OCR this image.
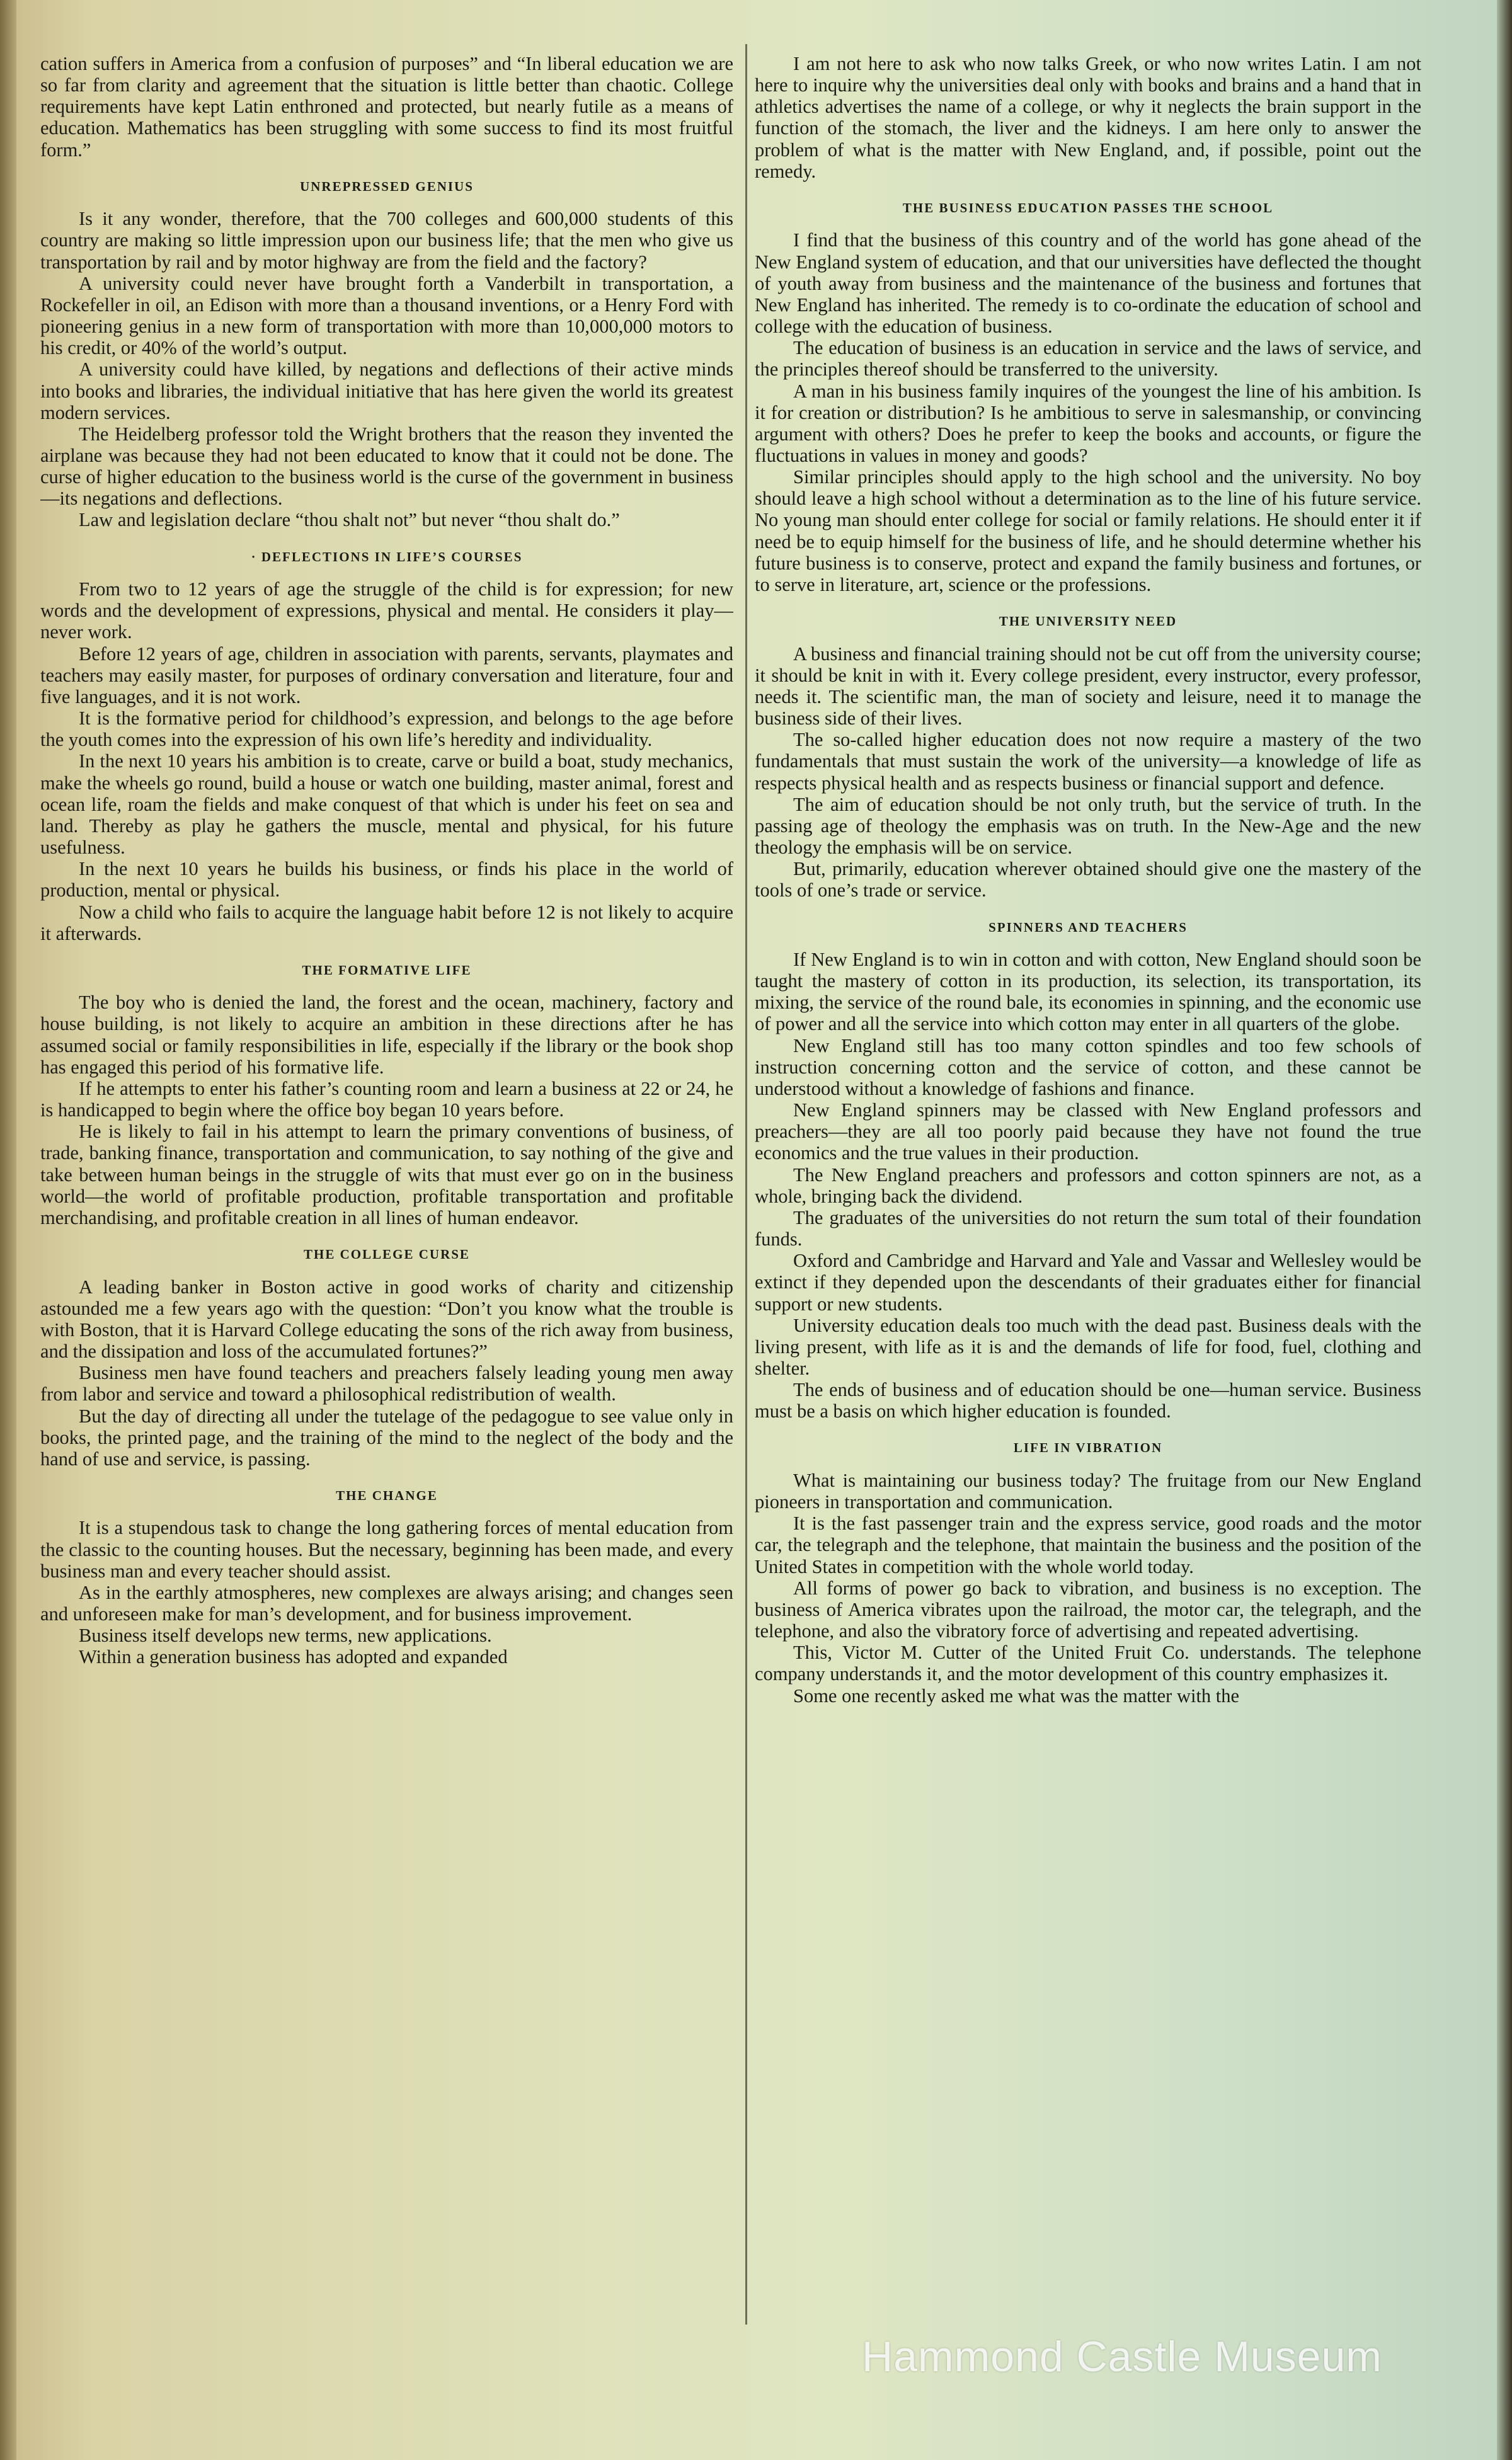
cation suffers in America from a confusion of purposes” and “In liberal education we are so far from clarity and agreement that the situation is little better than chaotic. College requirements have kept Latin enthroned and protected, but nearly futile as a means of education. Mathematics has been struggling with some success to find its most fruitful form.”

UNREPRESSED GENIUS

Is it any wonder, therefore, that the 700 colleges and 600,000 students of this country are making so little impression upon our business life; that the men who give us transportation by rail and by motor highway are from the field and the factory?

A university could never have brought forth a Vanderbilt in transportation, a Rockefeller in oil, an Edison with more than a thousand inventions, or a Henry Ford with pioneering genius in a new form of transportation with more than 10,000,000 motors to his credit, or 40% of the world’s output.

A university could have killed, by negations and deflections of their active minds into books and libraries, the individual initiative that has here given the world its greatest modern services.

The Heidelberg professor told the Wright brothers that the reason they invented the airplane was because they had not been educated to know that it could not be done. The curse of higher education to the business world is the curse of the government in business—its negations and deflections.

Law and legislation declare “thou shalt not” but never “thou shalt do.”

· DEFLECTIONS IN LIFE’S COURSES

From two to 12 years of age the struggle of the child is for expression; for new words and the development of expressions, physical and mental. He considers it play—never work.

Before 12 years of age, children in association with parents, servants, playmates and teachers may easily master, for purposes of ordinary conversation and literature, four and five languages, and it is not work.

It is the formative period for childhood’s expression, and belongs to the age before the youth comes into the expression of his own life’s heredity and individuality.

In the next 10 years his ambition is to create, carve or build a boat, study mechanics, make the wheels go round, build a house or watch one building, master animal, forest and ocean life, roam the fields and make conquest of that which is under his feet on sea and land. Thereby as play he gathers the muscle, mental and physical, for his future usefulness.

In the next 10 years he builds his business, or finds his place in the world of production, mental or physical.

Now a child who fails to acquire the language habit before 12 is not likely to acquire it afterwards.

THE FORMATIVE LIFE

The boy who is denied the land, the forest and the ocean, machinery, factory and house building, is not likely to acquire an ambition in these directions after he has assumed social or family responsibilities in life, especially if the library or the book shop has engaged this period of his formative life.

If he attempts to enter his father’s counting room and learn a business at 22 or 24, he is handicapped to begin where the office boy began 10 years before.

He is likely to fail in his attempt to learn the primary conventions of business, of trade, banking finance, transportation and communication, to say nothing of the give and take between human beings in the struggle of wits that must ever go on in the business world—the world of profitable production, profitable transportation and profitable merchandising, and profitable creation in all lines of human endeavor.

THE COLLEGE CURSE

A leading banker in Boston active in good works of charity and citizenship astounded me a few years ago with the question: “Don’t you know what the trouble is with Boston, that it is Harvard College educating the sons of the rich away from business, and the dissipation and loss of the accumulated fortunes?”

Business men have found teachers and preachers falsely leading young men away from labor and service and toward a philosophical redistribution of wealth.

But the day of directing all under the tutelage of the pedagogue to see value only in books, the printed page, and the training of the mind to the neglect of the body and the hand of use and service, is passing.

THE CHANGE

It is a stupendous task to change the long gathering forces of mental education from the classic to the counting houses. But the necessary, beginning has been made, and every business man and every teacher should assist.

As in the earthly atmospheres, new complexes are always arising; and changes seen and unforeseen make for man’s development, and for business improvement.

Business itself develops new terms, new applications.

Within a generation business has adopted and expanded

I am not here to ask who now talks Greek, or who now writes Latin. I am not here to inquire why the universities deal only with books and brains and a hand that in athletics advertises the name of a college, or why it neglects the brain support in the function of the stomach, the liver and the kidneys. I am here only to answer the problem of what is the matter with New England, and, if possible, point out the remedy.

THE BUSINESS EDUCATION PASSES THE SCHOOL

I find that the business of this country and of the world has gone ahead of the New England system of education, and that our universities have deflected the thought of youth away from business and the maintenance of the business and fortunes that New England has inherited. The remedy is to co-ordinate the education of school and college with the education of business.

The education of business is an education in service and the laws of service, and the principles thereof should be transferred to the university.

A man in his business family inquires of the youngest the line of his ambition. Is it for creation or distribution? Is he ambitious to serve in salesmanship, or convincing argument with others? Does he prefer to keep the books and accounts, or figure the fluctuations in values in money and goods?

Similar principles should apply to the high school and the university. No boy should leave a high school without a determination as to the line of his future service. No young man should enter college for social or family relations. He should enter it if need be to equip himself for the business of life, and he should determine whether his future business is to conserve, protect and expand the family business and fortunes, or to serve in literature, art, science or the professions.

THE UNIVERSITY NEED

A business and financial training should not be cut off from the university course; it should be knit in with it. Every college president, every instructor, every professor, needs it. The scientific man, the man of society and leisure, need it to manage the business side of their lives.

The so-called higher education does not now require a mastery of the two fundamentals that must sustain the work of the university—a knowledge of life as respects physical health and as respects business or financial support and defence.

The aim of education should be not only truth, but the service of truth. In the passing age of theology the emphasis was on truth. In the New-Age and the new theology the emphasis will be on service.

But, primarily, education wherever obtained should give one the mastery of the tools of one’s trade or service.

SPINNERS AND TEACHERS

If New England is to win in cotton and with cotton, New England should soon be taught the mastery of cotton in its production, its selection, its transportation, its mixing, the service of the round bale, its economies in spinning, and the economic use of power and all the service into which cotton may enter in all quarters of the globe.

New England still has too many cotton spindles and too few schools of instruction concerning cotton and the service of cotton, and these cannot be understood without a knowledge of fashions and finance.

New England spinners may be classed with New England professors and preachers—they are all too poorly paid because they have not found the true economics and the true values in their production.

The New England preachers and professors and cotton spinners are not, as a whole, bringing back the dividend.

The graduates of the universities do not return the sum total of their foundation funds.

Oxford and Cambridge and Harvard and Yale and Vassar and Wellesley would be extinct if they depended upon the descendants of their graduates either for financial support or new students.

University education deals too much with the dead past. Business deals with the living present, with life as it is and the demands of life for food, fuel, clothing and shelter.

The ends of business and of education should be one—human service. Business must be a basis on which higher education is founded.

LIFE IN VIBRATION

What is maintaining our business today? The fruitage from our New England pioneers in transportation and communication.

It is the fast passenger train and the express service, good roads and the motor car, the telegraph and the telephone, that maintain the business and the position of the United States in competition with the whole world today.

All forms of power go back to vibration, and business is no exception. The business of America vibrates upon the railroad, the motor car, the telegraph, and the telephone, and also the vibratory force of advertising and repeated advertising.

This, Victor M. Cutter of the United Fruit Co. understands. The telephone company understands it, and the motor development of this country emphasizes it.

Some one recently asked me what was the matter with the

Hammond Castle Museum
